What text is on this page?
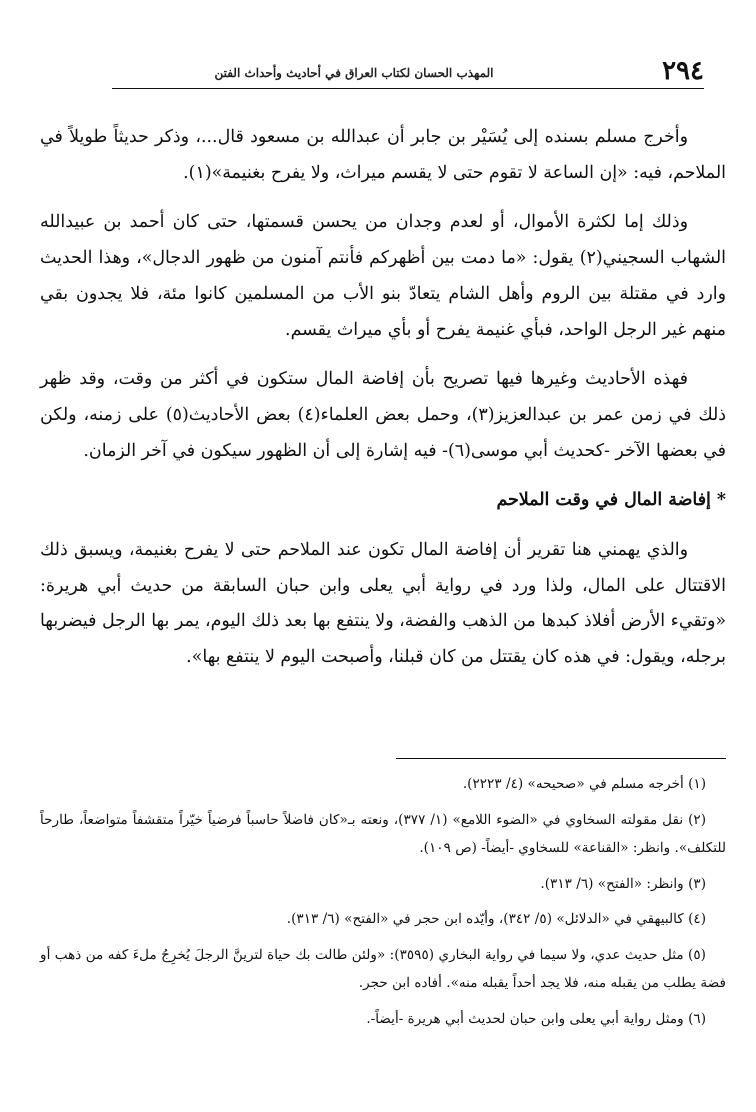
٢٩٤
المهذب الحسان لكتاب العراق في أحاديث وأحداث الفتن

وأخرج مسلم بسنده إلى يُسَيْر بن جابر أن عبدالله بن مسعود قال...، وذكر حديثاً طويلاً في الملاحم، فيه: «إن الساعة لا تقوم حتى لا يقسم ميراث، ولا يفرح بغنيمة»(١).

وذلك إما لكثرة الأموال، أو لعدم وجدان من يحسن قسمتها، حتى كان أحمد بن عبيدالله الشهاب السجيني(٢) يقول: «ما دمت بين أظهركم فأنتم آمنون من ظهور الدجال»، وهذا الحديث وارد في مقتلة بين الروم وأهل الشام يتعادّ بنو الأب من المسلمين كانوا مئة، فلا يجدون بقي منهم غير الرجل الواحد، فبأي غنيمة يفرح أو بأي ميراث يقسم.

فهذه الأحاديث وغيرها فيها تصريح بأن إفاضة المال ستكون في أكثر من وقت، وقد ظهر ذلك في زمن عمر بن عبدالعزيز(٣)، وحمل بعض العلماء(٤) بعض الأحاديث(٥) على زمنه، ولكن في بعضها الآخر -كحديث أبي موسى(٦)- فيه إشارة إلى أن الظهور سيكون في آخر الزمان.

* إفاضة المال في وقت الملاحم

والذي يهمني هنا تقرير أن إفاضة المال تكون عند الملاحم حتى لا يفرح بغنيمة، ويسبق ذلك الاقتتال على المال، ولذا ورد في رواية أبي يعلى وابن حبان السابقة من حديث أبي هريرة: «وتقيء الأرض أفلاذ كبدها من الذهب والفضة، ولا ينتفع بها بعد ذلك اليوم، يمر بها الرجل فيضربها برجله، ويقول: في هذه كان يقتتل من كان قبلنا، وأصبحت اليوم لا ينتفع بها».

(١) أخرجه مسلم في «صحيحه» (٤/ ٢٢٢٣).

(٢) نقل مقولته السخاوي في «الضوء اللامع» (١/ ٣٧٧)، ونعته بـ«كان فاضلاً حاسباً فرضياً خيّراً متقشفاً متواضعاً، طارحاً للتكلف». وانظر: «القناعة» للسخاوي -أيضاً- (ص ١٠٩).

(٣) وانظر: «الفتح» (٦/ ٣١٣).

(٤) كالبيهقي في «الدلائل» (٥/ ٣٤٢)، وأيّده ابن حجر في «الفتح» (٦/ ٣١٣).

(٥) مثل حديث عدي، ولا سيما في رواية البخاري (٣٥٩٥): «ولئن طالت بك حياة لترينَّ الرجلَ يُخرِجُ ملءَ كفه من ذهب أو فضة يطلب من يقبله منه، فلا يجد أحداً يقبله منه». أفاده ابن حجر.

(٦) ومثل رواية أبي يعلى وابن حبان لحديث أبي هريرة -أيضاً-.
